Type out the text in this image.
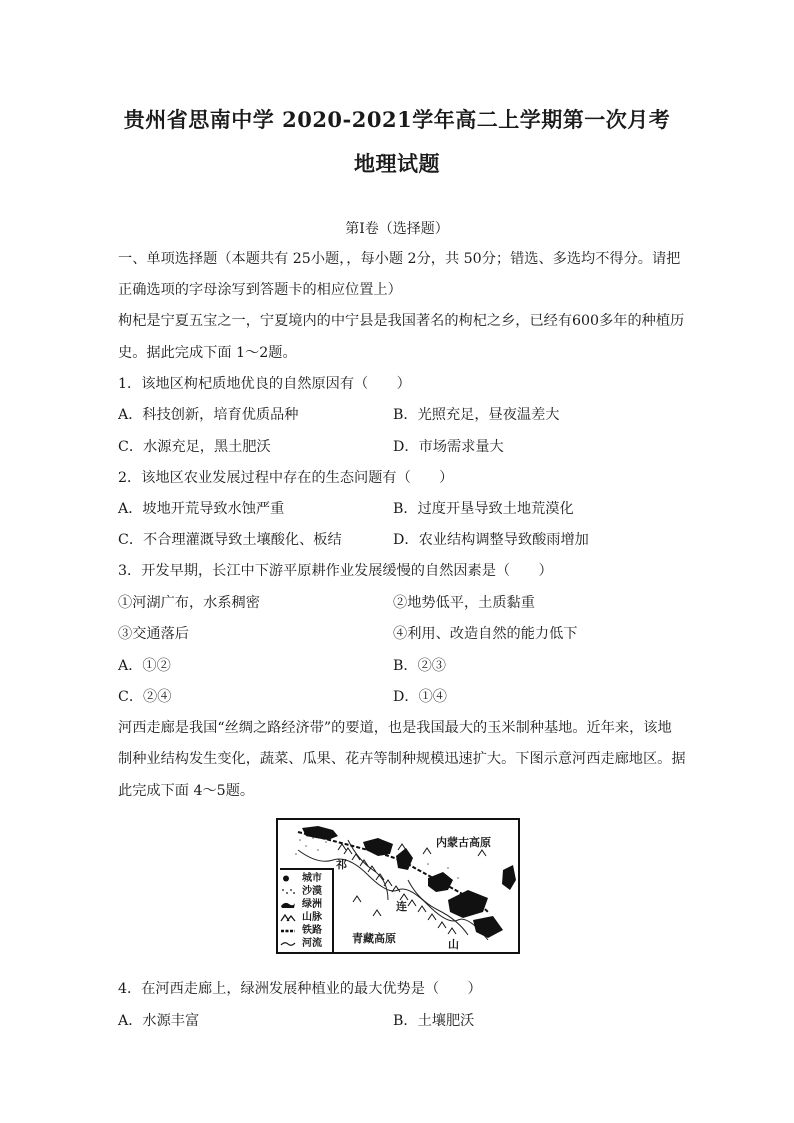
贵州省思南中学 2020-2021学年高二上学期第一次月考
地理试题
第I卷（选择题）
一、单项选择题（本题共有 25小题，，每小题 2分，共 50分；错选、多选均不得分。请把
正确选项的字母涂写到答题卡的相应位置上）
枸杞是宁夏五宝之一，宁夏境内的中宁县是我国著名的枸杞之乡，已经有600多年的种植历
史。据此完成下面 1～2题。
1．该地区枸杞质地优良的自然原因有（　　）
A．科技创新，培育优质品种	B．光照充足，昼夜温差大
C．水源充足，黑土肥沃	D．市场需求量大
2．该地区农业发展过程中存在的生态问题有（　　）
A．坡地开荒导致水蚀严重	B．过度开垦导致土地荒漠化
C．不合理灌溉导致土壤酸化、板结	D．农业结构调整导致酸雨增加
3．开发早期，长江中下游平原耕作业发展缓慢的自然因素是（　　）
①河湖广布，水系稠密	②地势低平，土质黏重
③交通落后	④利用、改造自然的能力低下
A．①②	B．②③
C．②④	D．①④
河西走廊是我国“丝绸之路经济带”的要道，也是我国最大的玉米制种基地。近年来，该地
制种业结构发生变化，蔬菜、瓜果、花卉等制种规模迅速扩大。下图示意河西走廊地区。据
此完成下面 4～5题。
内蒙古高原
青藏高原
祁
连
山
城市
沙漠
绿洲
山脉
铁路
河流
4．在河西走廊上，绿洲发展种植业的最大优势是（　　）
A．水源丰富	B．土壤肥沃
